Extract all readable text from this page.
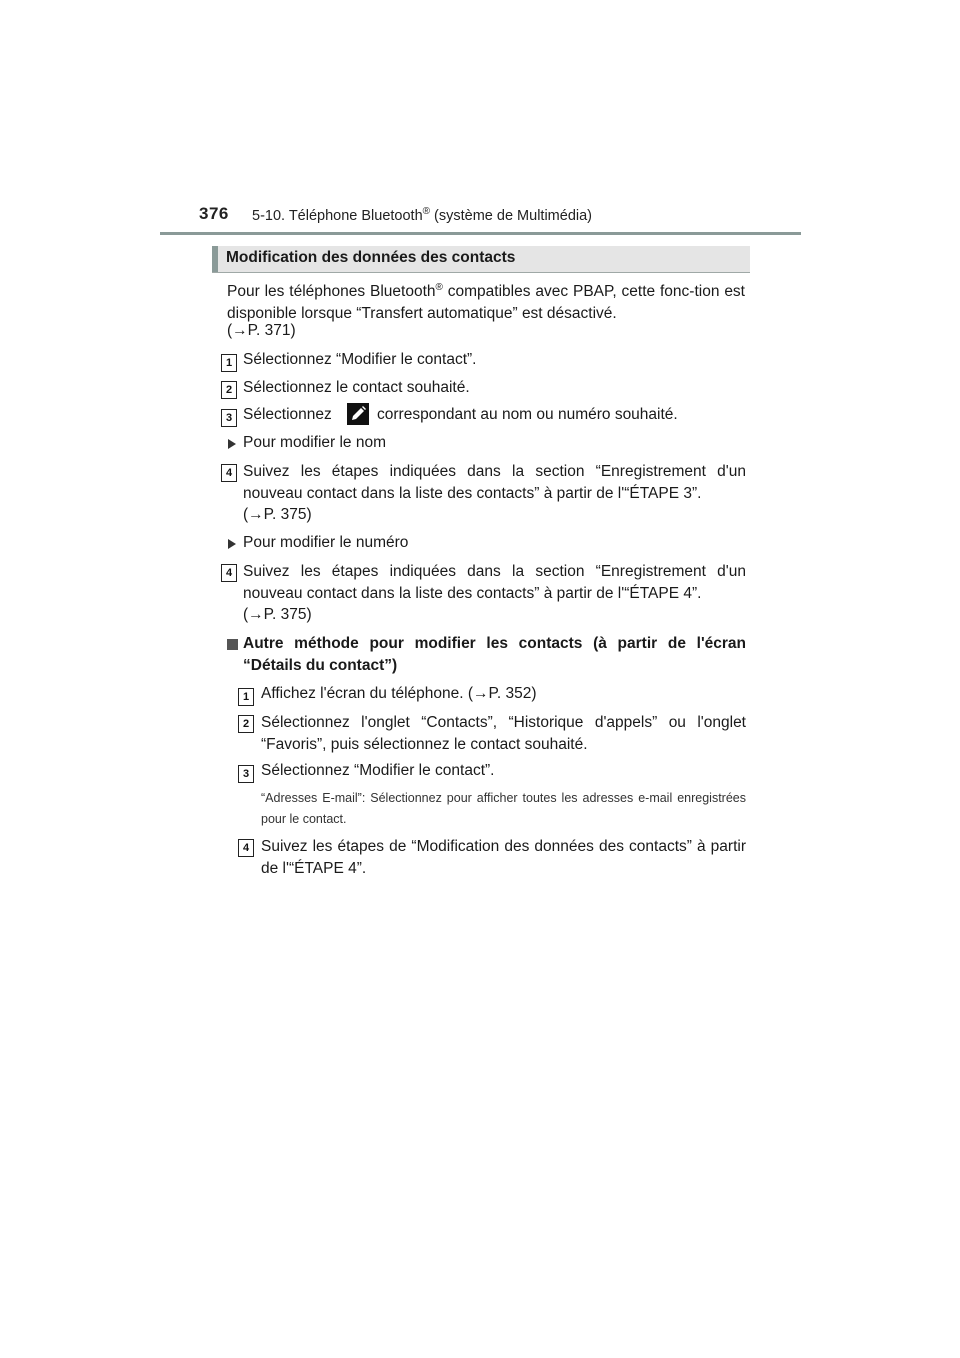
376 5-10. Téléphone Bluetooth® (système de Multimédia)
Modification des données des contacts
Pour les téléphones Bluetooth® compatibles avec PBAP, cette fonc-tion est disponible lorsque “Transfert automatique” est désactivé.
(→P. 371)
1 Sélectionnez “Modifier le contact”.
2 Sélectionnez le contact souhaité.
3 Sélectionnez	correspondant au nom ou numéro souhaité.
Pour modifier le nom
4 Suivez les étapes indiquées dans la section “Enregistrement d'un nouveau contact dans la liste des contacts” à partir de l'“ÉTAPE 3”.
(→P. 375)
Pour modifier le numéro
4 Suivez les étapes indiquées dans la section “Enregistrement d'un nouveau contact dans la liste des contacts” à partir de l'“ÉTAPE 4”.
(→P. 375)
Autre méthode pour modifier les contacts (à partir de l'écran “Détails du contact”)
1 Affichez l'écran du téléphone. (→P. 352)
2 Sélectionnez l'onglet “Contacts”, “Historique d'appels” ou l'onglet “Favoris”, puis sélectionnez le contact souhaité.
3 Sélectionnez “Modifier le contact”.
“Adresses E-mail”: Sélectionnez pour afficher toutes les adresses e-mail enregistrées pour le contact.
4 Suivez les étapes de “Modification des données des contacts” à partir de l'“ÉTAPE 4”.
